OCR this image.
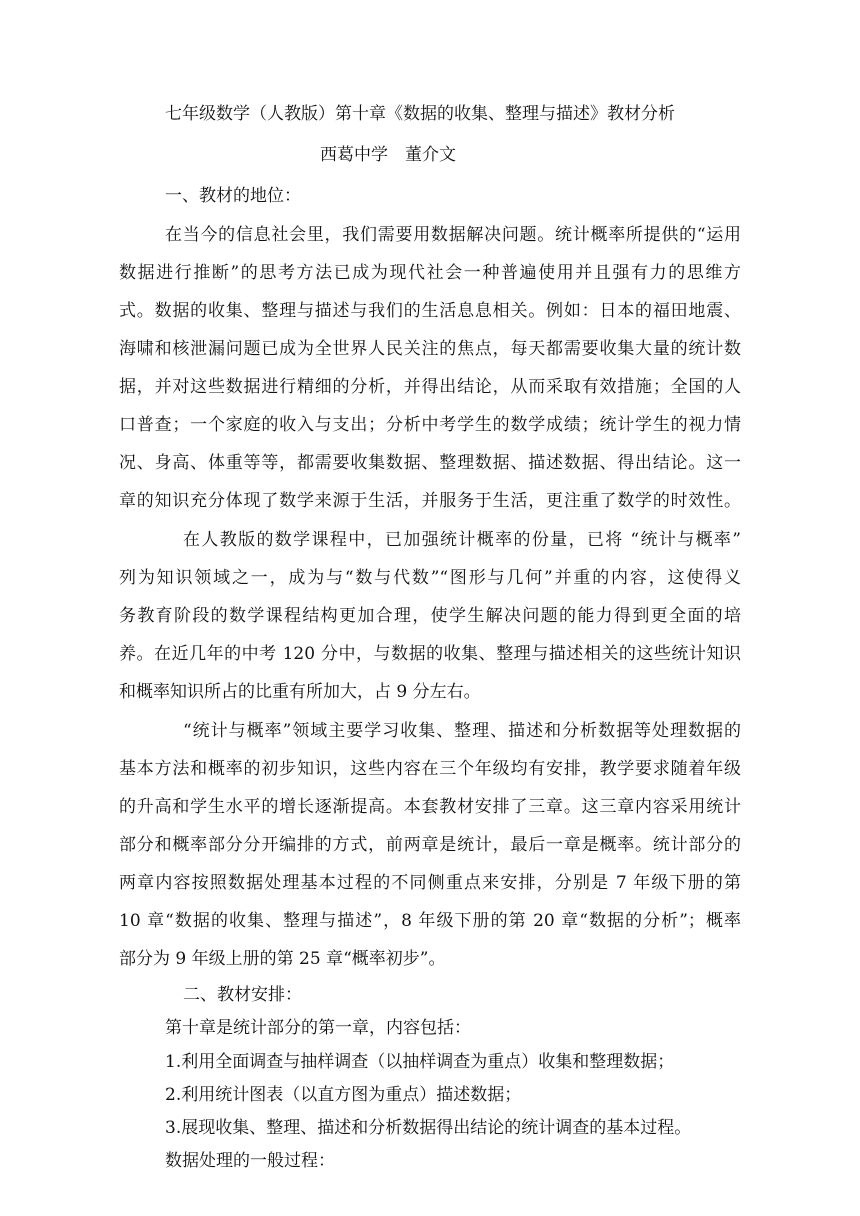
七年级数学（人教版）第十章《数据的收集、整理与描述》教材分析
西葛中学　董介文
一、教材的地位：
在当今的信息社会里，我们需要用数据解决问题。统计概率所提供的“运用
数据进行推断”的思考方法已成为现代社会一种普遍使用并且强有力的思维方
式。数据的收集、整理与描述与我们的生活息息相关。例如：日本的福田地震、
海啸和核泄漏问题已成为全世界人民关注的焦点，每天都需要收集大量的统计数
据，并对这些数据进行精细的分析，并得出结论，从而采取有效措施；全国的人
口普查；一个家庭的收入与支出；分析中考学生的数学成绩；统计学生的视力情
况、身高、体重等等，都需要收集数据、整理数据、描述数据、得出结论。这一
章的知识充分体现了数学来源于生活，并服务于生活，更注重了数学的时效性。
在人教版的数学课程中，已加强统计概率的份量，已将 “统计与概率”
列为知识领域之一，成为与“数与代数”“图形与几何”并重的内容，这使得义
务教育阶段的数学课程结构更加合理，使学生解决问题的能力得到更全面的培
养。在近几年的中考 120 分中，与数据的收集、整理与描述相关的这些统计知识
和概率知识所占的比重有所加大，占 9 分左右。
“统计与概率”领域主要学习收集、整理、描述和分析数据等处理数据的
基本方法和概率的初步知识，这些内容在三个年级均有安排，教学要求随着年级
的升高和学生水平的增长逐渐提高。本套教材安排了三章。这三章内容采用统计
部分和概率部分分开编排的方式，前两章是统计，最后一章是概率。统计部分的
两章内容按照数据处理基本过程的不同侧重点来安排，分别是 7 年级下册的第
10 章“数据的收集、整理与描述”，8 年级下册的第 20 章“数据的分析”；概率
部分为 9 年级上册的第 25 章“概率初步”。
二、教材安排：
第十章是统计部分的第一章，内容包括：
1.利用全面调查与抽样调查（以抽样调查为重点）收集和整理数据；
2.利用统计图表（以直方图为重点）描述数据；
3.展现收集、整理、描述和分析数据得出结论的统计调查的基本过程。
数据处理的一般过程：
